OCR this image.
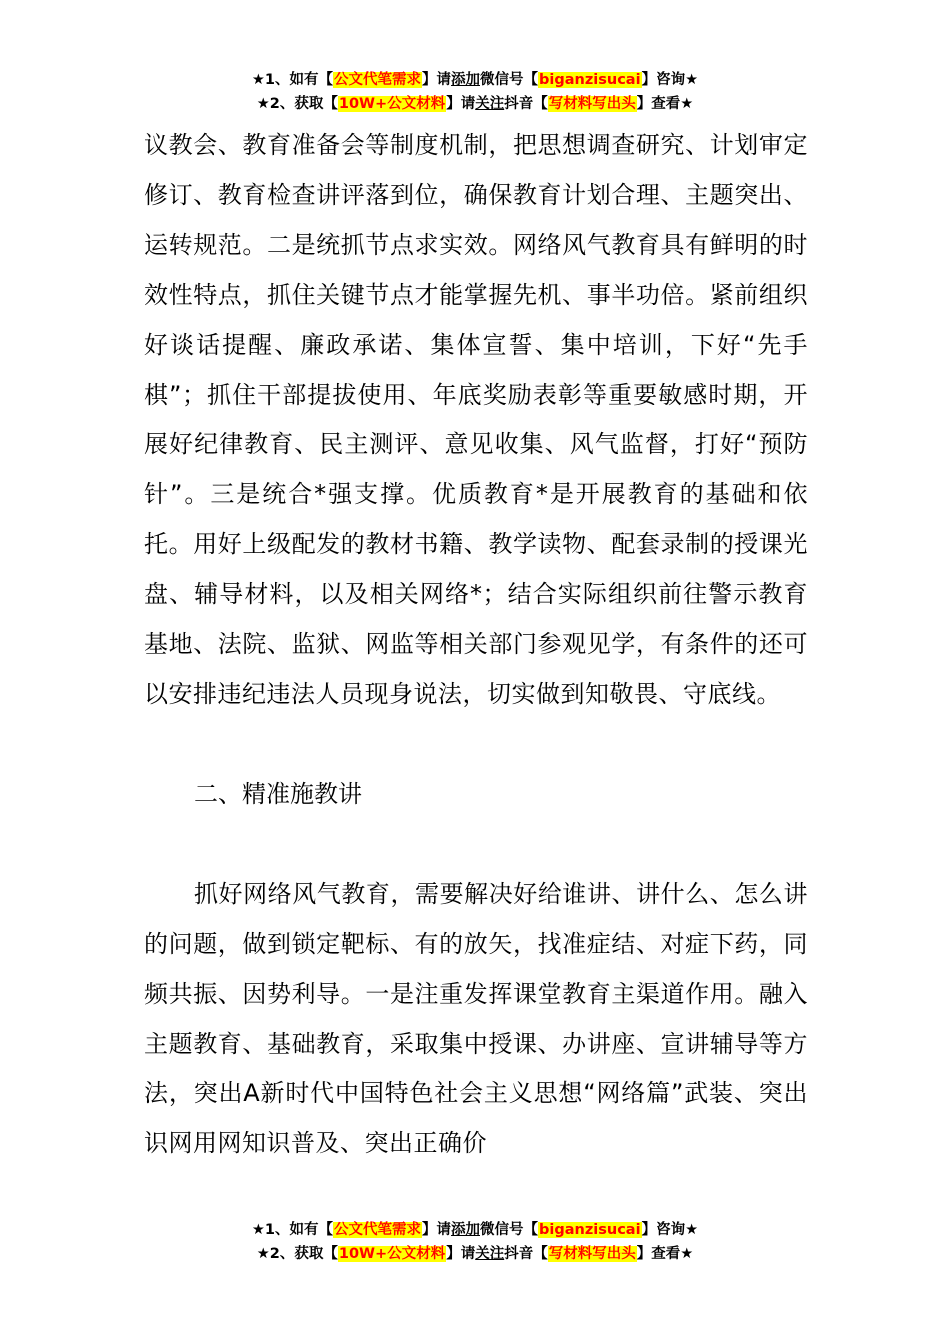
★1、如有【公文代笔需求】请添加微信号【biganzisucai】咨询★
★2、获取【10W+公文材料】请关注抖音【写材料写出头】查看★

议教会、教育准备会等制度机制，把思想调查研究、计划审定修订、教育检查讲评落到位，确保教育计划合理、主题突出、运转规范。二是统抓节点求实效。网络风气教育具有鲜明的时效性特点，抓住关键节点才能掌握先机、事半功倍。紧前组织好谈话提醒、廉政承诺、集体宣誓、集中培训，下好“先手棋”；抓住干部提拔使用、年底奖励表彰等重要敏感时期，开展好纪律教育、民主测评、意见收集、风气监督，打好“预防针”。三是统合*强支撑。优质教育*是开展教育的基础和依托。用好上级配发的教材书籍、教学读物、配套录制的授课光盘、辅导材料，以及相关网络*；结合实际组织前往警示教育基地、法院、监狱、网监等相关部门参观见学，有条件的还可以安排违纪违法人员现身说法，切实做到知敬畏、守底线。

二、精准施教讲

抓好网络风气教育，需要解决好给谁讲、讲什么、怎么讲的问题，做到锁定靶标、有的放矢，找准症结、对症下药，同频共振、因势利导。一是注重发挥课堂教育主渠道作用。融入主题教育、基础教育，采取集中授课、办讲座、宣讲辅导等方法，突出A新时代中国特色社会主义思想“网络篇”武装、突出识网用网知识普及、突出正确价

★1、如有【公文代笔需求】请添加微信号【biganzisucai】咨询★
★2、获取【10W+公文材料】请关注抖音【写材料写出头】查看★
